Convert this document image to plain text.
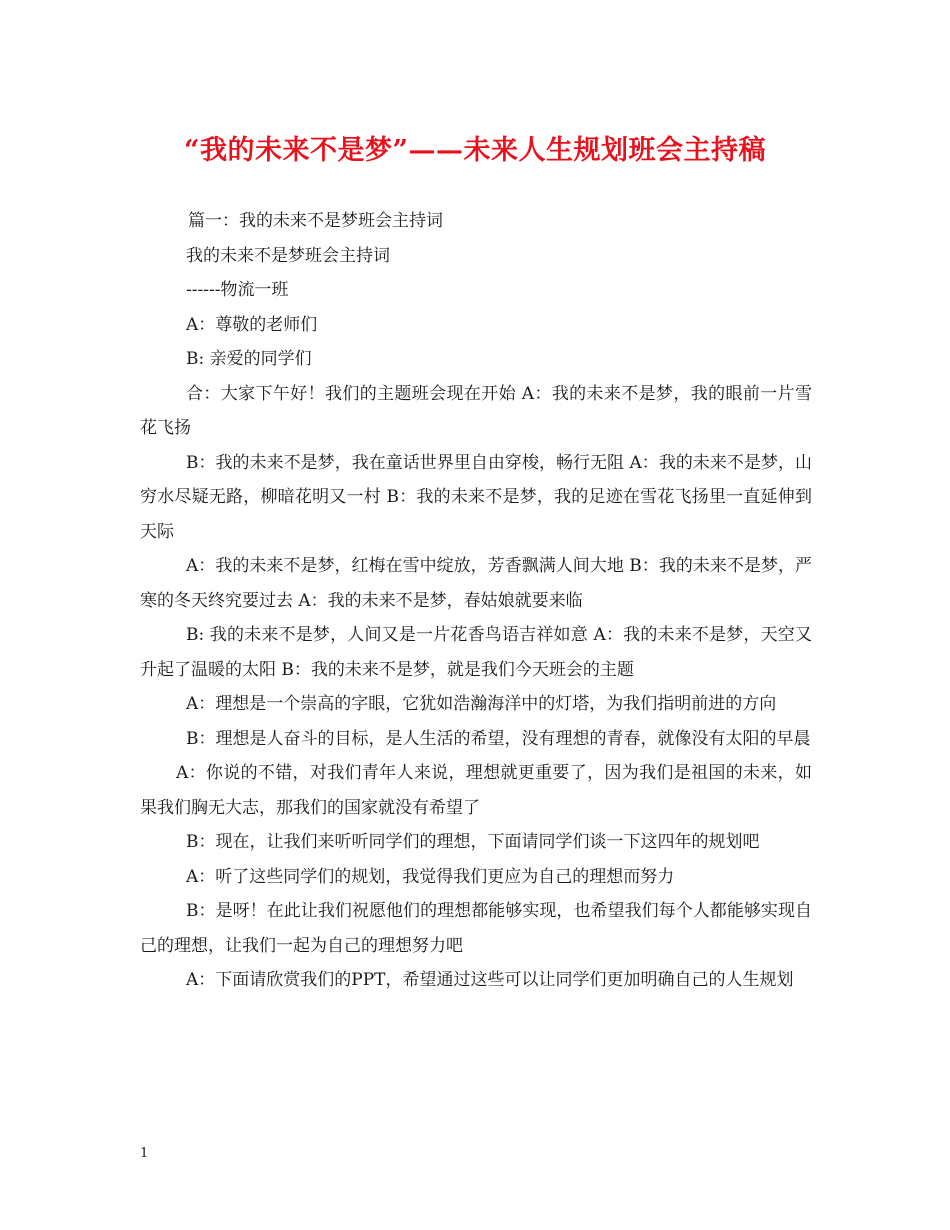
“我的未来不是梦”——未来人生规划班会主持稿

篇一：我的未来不是梦班会主持词

我的未来不是梦班会主持词

------物流一班

A：尊敬的老师们

B: 亲爱的同学们

合：大家下午好！我们的主题班会现在开始 A：我的未来不是梦，我的眼前一片雪花飞扬

B：我的未来不是梦，我在童话世界里自由穿梭，畅行无阻 A：我的未来不是梦，山穷水尽疑无路，柳暗花明又一村 B：我的未来不是梦，我的足迹在雪花飞扬里一直延伸到天际

A：我的未来不是梦，红梅在雪中绽放，芳香飘满人间大地 B：我的未来不是梦，严寒的冬天终究要过去 A：我的未来不是梦，春姑娘就要来临

B: 我的未来不是梦，人间又是一片花香鸟语吉祥如意 A：我的未来不是梦，天空又升起了温暖的太阳 B：我的未来不是梦，就是我们今天班会的主题

A：理想是一个崇高的字眼，它犹如浩瀚海洋中的灯塔，为我们指明前进的方向

B：理想是人奋斗的目标，是人生活的希望，没有理想的青春，就像没有太阳的早晨

A：你说的不错，对我们青年人来说，理想就更重要了，因为我们是祖国的未来，如果我们胸无大志，那我们的国家就没有希望了

B：现在，让我们来听听同学们的理想，下面请同学们谈一下这四年的规划吧

A：听了这些同学们的规划，我觉得我们更应为自己的理想而努力

B：是呀！在此让我们祝愿他们的理想都能够实现，也希望我们每个人都能够实现自己的理想，让我们一起为自己的理想努力吧

A：下面请欣赏我们的PPT，希望通过这些可以让同学们更加明确自己的人生规划

1
